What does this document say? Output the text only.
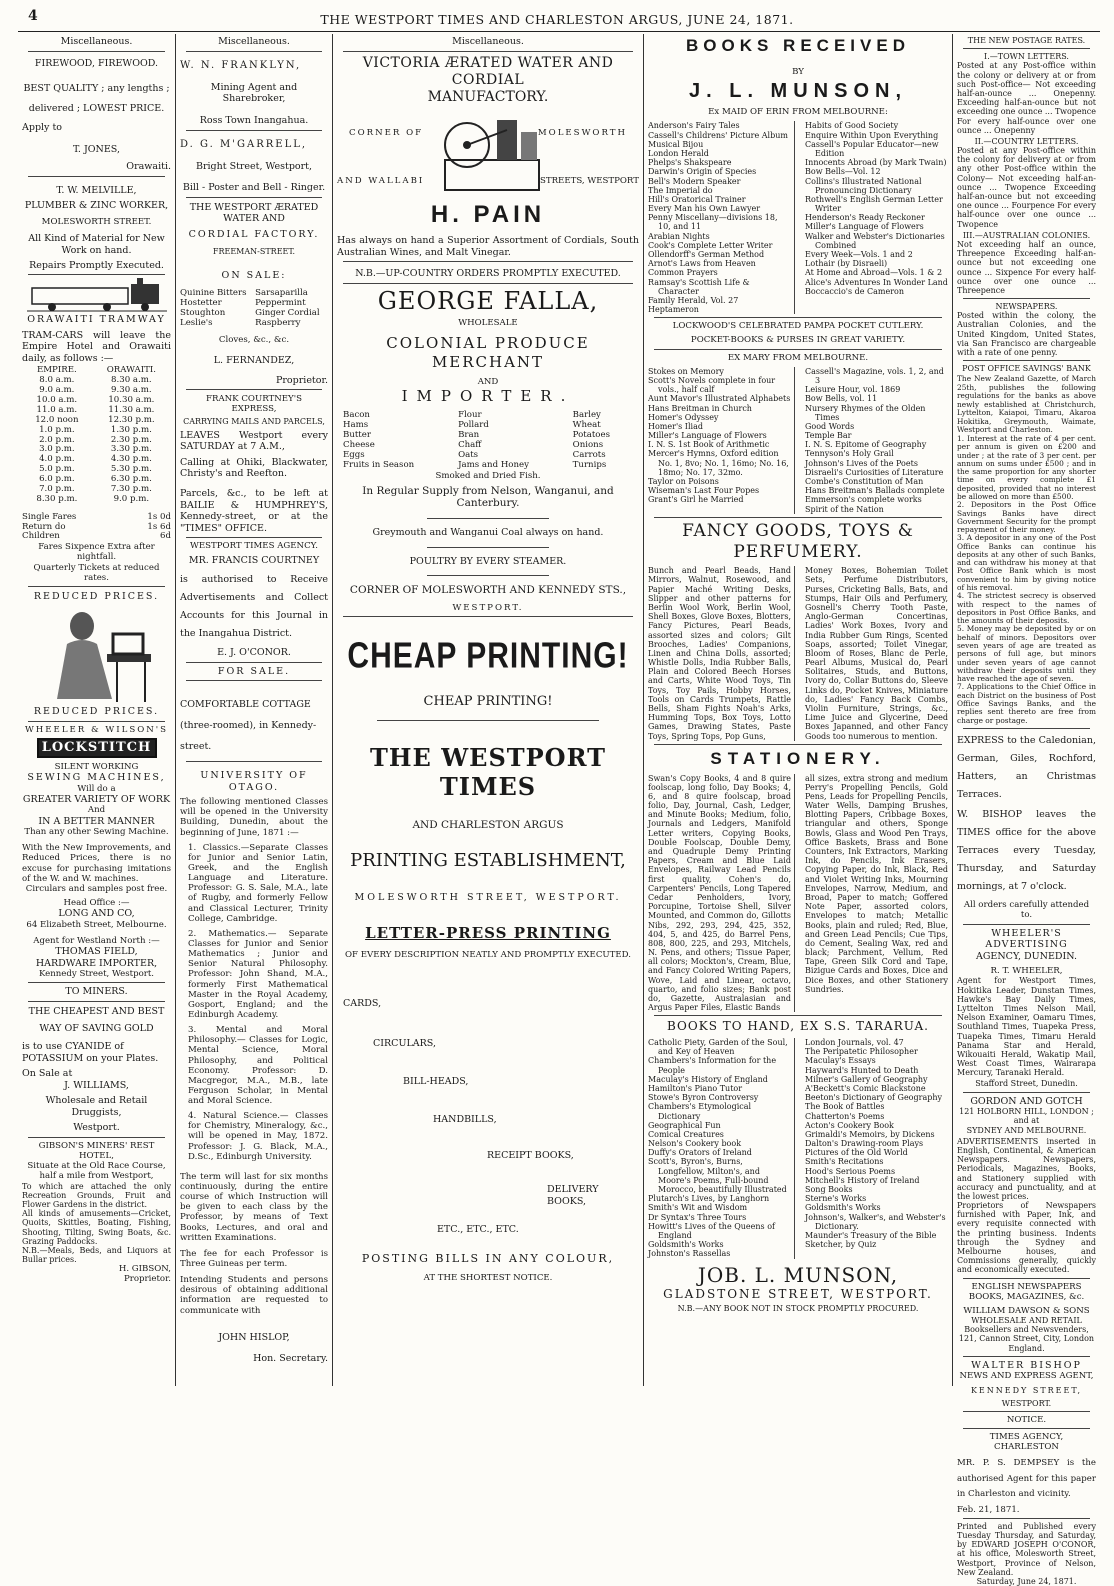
4	THE WESTPORT TIMES AND CHARLESTON ARGUS, JUNE 24, 1871.
Miscellaneous.
FIREWOOD, FIREWOOD.
BEST QUALITY ; any lengths ;
delivered ; LOWEST PRICE.
Apply to
T. JONES,
Orawaiti.
T. W. MELVILLE,
PLUMBER & ZINC WORKER,
MOLESWORTH STREET.
All Kind of Material for New Work on hand.
Repairs Promptly Executed.
ORAWAITI TRAMWAY
TRAM-CARS will leave the Empire Hotel and Orawaiti daily, as follows :—
EMPIRE.	ORAWAITI.
8.0 a.m.	8.30 a.m.
9.0 a.m.	9.30 a.m.
10.0 a.m.	10.30 a.m.
11.0 a.m.	11.30 a.m.
12.0 noon	12.30 p.m.
1.0 p.m.	1.30 p.m.
2.0 p.m.	2.30 p.m.
3.0 p.m.	3.30 p.m.
4.0 p.m.	4.30 p.m.
5.0 p.m.	5.30 p.m.
6.0 p.m.	6.30 p.m.
7.0 p.m.	7.30 p.m.
8.30 p.m.	9.0 p.m.
Single Fares	1s 0d
Return do	1s 6d
Children	6d
Fares Sixpence Extra after nightfall.
Quarterly Tickets at reduced rates.
REDUCED PRICES.
REDUCED PRICES.
WHEELER & WILSON'S
LOCKSTITCH
SILENT WORKING
SEWING MACHINES,
Will do a
GREATER VARIETY OF WORK
And
IN A BETTER MANNER
Than any other Sewing Machine.
With the New Improvements, and Reduced Prices, there is no excuse for purchasing imitations of the W. and W. machines.
Circulars and samples post free.
Head Office :—
LONG AND CO,
64 Elizabeth Street, Melbourne.
Agent for Westland North :—
THOMAS FIELD,
HARDWARE IMPORTER,
Kennedy Street, Westport.
TO MINERS.
THE CHEAPEST AND BEST
WAY OF SAVING GOLD
is to use CYANIDE of POTASSIUM on your Plates.
On Sale at
J. WILLIAMS,
Wholesale and Retail Druggists,
Westport.
GIBSON'S MINERS' REST HOTEL,
Situate at the Old Race Course, half a mile from Westport,
To which are attached the only Recreation Grounds, Fruit and Flower Gardens in the district.
All kinds of amusements—Cricket, Quoits, Skittles, Boating, Fishing, Shooting, Tilting, Swing Boats, &c. Grazing Paddocks.
N.B.—Meals, Beds, and Liquors at Bullar prices.
H. GIBSON,
Proprietor.
Miscellaneous.
W. N. FRANKLYN,
Mining Agent and Sharebroker,
Ross Town Inangahua.
D. G. M'GARRELL,
Bright Street, Westport,
Bill - Poster and Bell - Ringer.
THE WESTPORT ÆRATED
WATER AND
CORDIAL FACTORY.
FREEMAN-STREET.
ON SALE:
Quinine Bitters	Sarsaparilla
Hostetter	Peppermint
Stoughton	Ginger Cordial
Leslie's	Raspberry
Cloves, &c., &c.
L. FERNANDEZ,
Proprietor.
FRANK COURTNEY'S
EXPRESS,
CARRYING MAILS AND PARCELS,
LEAVES Westport every SATURDAY at 7 A.M.,
Calling at Ohiki, Blackwater, Christy's and Reefton.
Parcels, &c., to be left at BAILIE & HUMPHREY'S, Kennedy-street, or at the "TIMES" OFFICE.
WESTPORT TIMES AGENCY.
MR. FRANCIS COURTNEY
is authorised to Receive Advertisements and Collect Accounts for this Journal in the Inangahua District.
E. J. O'CONOR.
FOR SALE.
COMFORTABLE COTTAGE (three-roomed), in Kennedy-street.
UNIVERSITY OF OTAGO.
The following mentioned Classes will be opened in the University Building, Dunedin, about the beginning of June, 1871 :—
1. Classics.—Separate Classes for Junior and Senior Latin, Greek, and the English Language and Literature. Professor: G. S. Sale, M.A., late of Rugby, and formerly Fellow and Classical Lecturer, Trinity College, Cambridge.
2. Mathematics.— Separate Classes for Junior and Senior Mathematics ; Junior and Senior Natural Philosophy. Professor: John Shand, M.A., formerly First Mathematical Master in the Royal Academy, Gosport, England; and the Edinburgh Academy.
3. Mental and Moral Philosophy.— Classes for Logic, Mental Science, Moral Philosophy, and Political Economy. Professor: D. Macgregor, M.A., M.B., late Ferguson Scholar, in Mental and Moral Science.
4. Natural Science.— Classes for Chemistry, Mineralogy, &c., will be opened in May, 1872. Professor: J. G. Black, M.A., D.Sc., Edinburgh University.
The term will last for six months continuously, during the entire course of which Instruction will be given to each class by the Professor, by means of Text Books, Lectures, and oral and written Examinations.
The fee for each Professor is Three Guineas per term.
Intending Students and persons desirous of obtaining additional information are requested to communicate with
JOHN HISLOP,
Hon. Secretary.
Miscellaneous.
VICTORIA ÆRATED WATER AND CORDIAL
MANUFACTORY.
CORNER OF	MOLESWORTH
AND WALLABI	STREETS, WESTPORT
H. PAIN
Has always on hand a Superior Assortment of Cordials, South Australian Wines, and Malt Vinegar.
N.B.—UP-COUNTRY ORDERS PROMPTLY EXECUTED.
GEORGE FALLA,
WHOLESALE
COLONIAL PRODUCE MERCHANT
AND
IMPORTER.
Bacon	Flour	Barley
Hams	Pollard	Wheat
Butter	Bran	Potatoes
Cheese	Chaff	Onions
Eggs	Oats	Carrots
Fruits in Season	Jams and Honey	Turnips
Smoked and Dried Fish.
In Regular Supply from Nelson, Wanganui, and Canterbury.
Greymouth and Wanganui Coal always on hand.
POULTRY BY EVERY STEAMER.
CORNER OF MOLESWORTH AND KENNEDY STS.,
WESTPORT.
CHEAP PRINTING!
CHEAP PRINTING!
THE WESTPORT TIMES
AND CHARLESTON ARGUS
PRINTING ESTABLISHMENT,
MOLESWORTH STREET, WESTPORT.
LETTER-PRESS PRINTING
OF EVERY DESCRIPTION NEATLY AND PROMPTLY EXECUTED.
CARDS,
CIRCULARS,
BILL-HEADS,
HANDBILLS,
RECEIPT BOOKS,
DELIVERY BOOKS,
ETC., ETC., ETC.
POSTING BILLS IN ANY COLOUR,
AT THE SHORTEST NOTICE.
BOOKS RECEIVED
BY
J. L. MUNSON,
Ex MAID OF ERIN FROM MELBOURNE:
Anderson's Fairy Tales
Cassell's Childrens' Picture Album
Musical Bijou
London Herald
Phelps's Shakspeare
Darwin's Origin of Species
Bell's Modern Speaker
The Imperial do
Hill's Oratorical Trainer
Every Man his Own Lawyer
Penny Miscellany—divisions 18, 10, and 11
Arabian Nights
Cook's Complete Letter Writer
Ollendorff's German Method
Arnot's Laws from Heaven
Common Prayers
Ramsay's Scottish Life & Character
Family Herald, Vol. 27
Heptameron
Habits of Good Society
Enquire Within Upon Everything
Cassell's Popular Educator—new Edition
Innocents Abroad (by Mark Twain)
Bow Bells—Vol. 12
Collins's Illustrated National Pronouncing Dictionary
Rothwell's English German Letter Writer
Henderson's Ready Reckoner
Miller's Language of Flowers
Walker and Webster's Dictionaries Combined
Every Week—Vols. 1 and 2
Lothair (by Disraeli)
At Home and Abroad—Vols. 1 & 2
Alice's Adventures In Wonder Land
Boccaccio's de Cameron
LOCKWOOD'S CELEBRATED PAMPA POCKET CUTLERY.
POCKET-BOOKS & PURSES IN GREAT VARIETY.
EX MARY FROM MELBOURNE.
Stokes on Memory
Scott's Novels complete in four vols., half calf
Aunt Mavor's Illustrated Alphabets
Hans Breitman in Church
Homer's Odyssey
Homer's Iliad
Miller's Language of Flowers
I. N. S. 1st Book of Arithmetic
Mercer's Hymns, Oxford edition No. 1, 8vo; No. 1, 16mo; No. 16, 18mo; No. 17, 32mo.
Taylor on Poisons
Wiseman's Last Four Popes
Grant's Girl he Married
Cassell's Magazine, vols. 1, 2, and 3
Leisure Hour, vol. 1869
Bow Bells, vol. 11
Nursery Rhymes of the Olden Times
Good Words
Temple Bar
I. N. S. Epitome of Geography
Tennyson's Holy Grail
Johnson's Lives of the Poets
Disraeli's Curiosities of Literature
Combe's Constitution of Man
Hans Breitman's Ballads complete
Emmerson's complete works
Spirit of the Nation
FANCY GOODS, TOYS & PERFUMERY.
Bunch and Pearl Beads, Hand Mirrors, Walnut, Rosewood, and Papier Maché Writing Desks, Slipper and other patterns for Berlin Wool Work, Berlin Wool, Shell Boxes, Glove Boxes, Blotters, Fancy Pictures, Pearl Beads, assorted sizes and colors; Gilt Brooches, Ladies' Companions, Linen and China Dolls, assorted; Whistle Dolls, India Rubber Balls, Plain and Colored Beech Horses and Carts, White Wood Toys, Tin Toys, Toy Pails, Hobby Horses, Tools on Cards Trumpets, Rattle Bells, Sham Fights Noah's Arks, Humming Tops, Box Toys, Lotto Games, Drawing States, Paste Toys, Spring Tops, Pop Guns,
Money Boxes, Bohemian Toilet Sets, Perfume Distributors, Purses, Cricketing Balls, Bats, and Stumps, Hair Oils and Perfumery, Gosnell's Cherry Tooth Paste, Anglo-German Concertinas, Ladies' Work Boxes, Ivory and India Rubber Gum Rings, Scented Soaps, assorted; Toilet Vinegar, Bloom of Roses, Blanc de Perle, Pearl Albums, Musical do, Pearl Solitaires, Studs, and Buttons, Ivory do, Collar Buttons do, Sleeve Links do, Pocket Knives, Miniature do, Ladies' Fancy Back Combs, Violin Furniture, Strings, &c., Lime Juice and Glycerine, Deed Boxes Japanned, and other Fancy Goods too numerous to mention.
STATIONERY.
Swan's Copy Books, 4 and 8 quire foolscap, long folio, Day Books; 4, 6, and 8 quire foolscap, broad folio, Day, Journal, Cash, Ledger, and Minute Books; Medium, folio, Journals and Ledgers, Manifold Letter writers, Copying Books, Double Foolscap, Double Demy, and Quadruple Demy Printing Papers, Cream and Blue Laid Envelopes, Railway Lead Pencils first quality, Cohen's do, Carpenters' Pencils, Long Tapered Cedar Penholders, Ivory, Porcupine, Tortoise Shell, Silver Mounted, and Common do, Gillotts Nibs, 292, 293, 294, 425, 352, 404, 5, and 425, do Barrel Pens, 808, 800, 225, and 293, Mitchels, N. Pens, and others; Tissue Paper, all colors; Mockton's, Cream, Blue, and Fancy Colored Writing Papers, Wove, Laid and Linear, octavo, quarto, and folio sizes; Bank post do, Gazette, Australasian and Argus Paper Files, Elastic Bands
all sizes, extra strong and medium Perry's Propelling Pencils, Gold Pens, Leads for Propelling Pencils, Water Wells, Damping Brushes, Blotting Papers, Cribbage Boxes, triangular and others, Sponge Bowls, Glass and Wood Pen Trays, Office Baskets, Brass and Bone Counters, Ink Extractors, Marking Ink, do Pencils, Ink Erasers, Copying Paper, do Ink, Black, Red and Violet Writing Inks, Mourning Envelopes, Narrow, Medium, and Broad, Paper to match; Goffered Note Paper, assorted colors, Envelopes to match; Metallic Books, plain and ruled; Red, Blue, and Green Lead Pencils; Cue Tips, do Cement, Sealing Wax, red and black; Parchment, Vellum, Red Tape, Green Silk Cord and Tape, Bizigue Cards and Boxes, Dice and Dice Boxes, and other Stationery Sundries.
BOOKS TO HAND, EX S.S. TARARUA.
Catholic Piety, Garden of the Soul, and Key of Heaven
Chambers's Information for the People
Maculay's History of England
Hamilton's Piano Tutor
Stowe's Byron Controversy
Chambers's Etymological Dictionary
Geographical Fun
Comical Creatures
Nelson's Cookery book
Duffy's Orators of Ireland
Scott's, Byron's, Burns, Longfellow, Milton's, and Moore's Poems, Full-bound Morocco, beautifully Illustrated
Plutarch's Lives, by Langhorn
Smith's Wit and Wisdom
Dr Syntax's Three Tours
Howitt's Lives of the Queens of England
Goldsmith's Works
Johnston's Rassellas
London Journals, vol. 47
The Peripatetic Philosopher
Maculay's Essays
Hayward's Hunted to Death
Milner's Gallery of Geography
A'Beckett's Comic Blackstone
Beeton's Dictionary of Geography
The Book of Battles
Chatterton's Poems
Acton's Cookery Book
Grimaldi's Memoirs, by Dickens
Dalton's Drawing-room Plays
Pictures of the Old World
Smith's Recitations
Hood's Serious Poems
Mitchell's History of Ireland
Song Books
Sterne's Works
Goldsmith's Works
Johnson's, Walker's, and Webster's Dictionary.
Maunder's Treasury of the Bible
Sketcher, by Quiz
JOB. L. MUNSON,
GLADSTONE STREET, WESTPORT.
N.B.—ANY BOOK NOT IN STOCK PROMPTLY PROCURED.
THE NEW POSTAGE RATES.
I.—TOWN LETTERS.
Posted at any Post-office within the colony or delivery at or from such Post-office— Not exceeding half-an-ounce ... Onepenny. Exceeding half-an-ounce but not exceeding one ounce ... Twopence For every half-ounce over one ounce ... Onepenny
II.—COUNTRY LETTERS.
Posted at any Post-office within the colony for delivery at or from any other Post-office within the Colony— Not exceeding half-an-ounce ... Twopence Exceeding half-an-ounce but not exceeding one ounce ... Fourpence For every half-ounce over one ounce ... Twopence
III.—AUSTRALIAN COLONIES.
Not exceeding half an ounce, Threepence Exceeding half-an-ounce but not exceeding one ounce ... Sixpence For every half-ounce over one ounce ... Threepence
NEWSPAPERS.
Posted within the colony, the Australian Colonies, and the United Kingdom, United States, via San Francisco are chargeable with a rate of one penny.
POST OFFICE SAVINGS' BANK
The New Zealand Gazette, of March 25th, publishes the following regulations for the banks as above newly established at Christchurch, Lyttelton, Kaiapoi, Timaru, Akaroa Hokitika, Greymouth, Waimate, Westport and Charleston.
1. Interest at the rate of 4 per cent. per annum is given on £200 and under ; at the rate of 3 per cent. per annum on sums under £500 ; and in the same proportion for any shorter time on every complete £1 deposited, provided that no interest be allowed on more than £500.
2. Depositors in the Post Office Savings Banks have direct Government Security for the prompt repayment of their money.
3. A depositor in any one of the Post Office Banks can continue his deposits at any other of such Banks, and can withdraw his money at that Post Office Bank which is most convenient to him by giving notice of his removal.
4. The strictest secrecy is observed with respect to the names of depositors in Post Office Banks, and the amounts of their deposits.
5. Money may be deposited by or on behalf of minors. Depositors over seven years of age are treated as persons of full age, but minors under seven years of age cannot withdraw their deposits until they have reached the age of seven.
7. Applications to the Chief Office in each District on the business of Post Office Savings Banks, and the replies sent thereto are free from charge or postage.
EXPRESS to the Caledonian, German, Giles, Rochford, Hatters, an Christmas Terraces.
W. BISHOP leaves the TIMES office for the above Terraces every Tuesday, Thursday, and Saturday mornings, at 7 o'clock.
All orders carefully attended to.
WHEELER'S ADVERTISING
AGENCY, DUNEDIN.
R. T. WHEELER,
Agent for Westport Times, Hokitika Leader, Dunstan Times, Hawke's Bay Daily Times, Lyttelton Times Nelson Mail, Nelson Examiner, Oamaru Times, Southland Times, Tuapeka Press, Tuapeka Times, Timaru Herald Panama Star and Herald, Wikouaiti Herald, Wakatip Mail, West Coast Times, Wairarapa Mercury, Taranaki Herald.
Stafford Street, Dunedin.
GORDON AND GOTCH
121 HOLBORN HILL, LONDON ;
and at
SYDNEY AND MELBOURNE.
ADVERTISEMENTS inserted in English, Continental, & American Newspapers. Newspapers, Periodicals, Magazines, Books, and Stationery supplied with accuracy and punctuality, and at the lowest prices.
Proprietors of Newspapers furnished with Paper, Ink, and every requisite connected with the printing business. Indents through the Sydney and Melbourne houses, and Commissions generally, quickly and economically executed.
ENGLISH NEWSPAPERS
BOOKS, MAGAZINES, &c.
WILLIAM DAWSON & SONS
WHOLESALE AND RETAIL
Booksellers and Newsvenders,
121, Cannon Street, City, London England.
WALTER BISHOP
NEWS AND EXPRESS AGENT,
KENNEDY STREET,
WESTPORT.
NOTICE.
TIMES AGENCY, CHARLESTON
MR. P. S. DEMPSEY is the authorised Agent for this paper in Charleston and vicinity.
Feb. 21, 1871.
Printed and Published every Tuesday Thursday, and Saturday, by EDWARD JOSEPH O'CONOR, at his office, Molesworth Street, Westport, Province of Nelson, New Zealand.
Saturday, June 24, 1871.
